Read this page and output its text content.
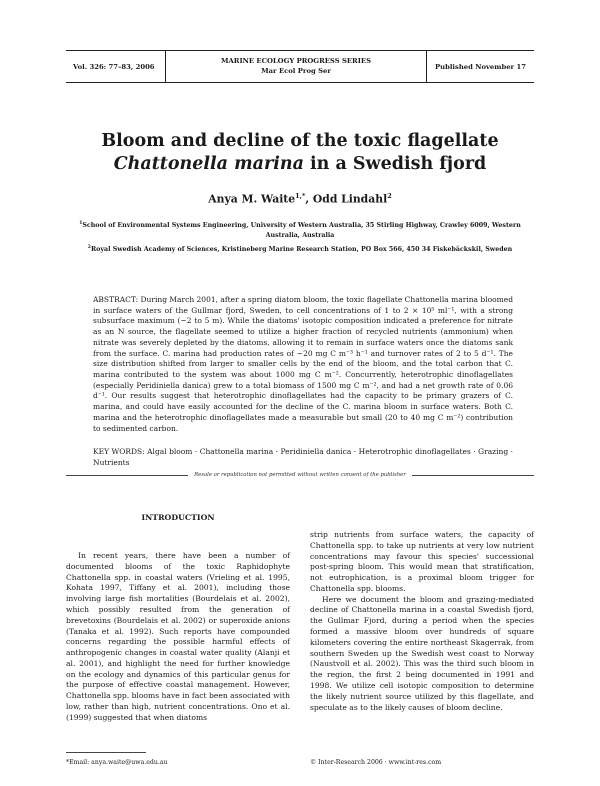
Vol. 326: 77–83, 2006
MARINE ECOLOGY PROGRESS SERIES
Mar Ecol Prog Ser	Published November 17
Bloom and decline of the toxic flagellate
Chattonella marina in a Swedish fjord
Anya M. Waite$^{1,*}$, Odd Lindahl$^2$

$^1$School of Environmental Systems Engineering, University of Western Australia, 35 Stirling Highway, Crawley 6009, Western Australia, Australia

$^2$Royal Swedish Academy of Sciences, Kristineberg Marine Research Station, PO Box 566, 450 34 Fiskebäckskil, Sweden

ABSTRACT: During March 2001, after a spring diatom bloom, the toxic flagellate Chattonella marina bloomed in surface waters of the Gullmar fjord, Sweden, to cell concentrations of 1 to 2 × 10⁵ ml⁻¹, with a strong subsurface maximum (~2 to 5 m). While the diatoms' isotopic composition indicated a preference for nitrate as an N source, the flagellate seemed to utilize a higher fraction of recycled nutrients (ammonium) when nitrate was severely depleted by the diatoms, allowing it to remain in surface waters once the diatoms sank from the surface. C. marina had production rates of ~20 mg C m⁻³ h⁻¹ and turnover rates of 2 to 5 d⁻¹. The size distribution shifted from larger to smaller cells by the end of the bloom, and the total carbon that C. marina contributed to the system was about 1000 mg C m⁻². Concurrently, heterotrophic dinoflagellates (especially Peridiniella danica) grew to a total biomass of 1500 mg C m⁻², and had a net growth rate of 0.06 d⁻¹. Our results suggest that heterotrophic dinoflagellates had the capacity to be primary grazers of C. marina, and could have easily accounted for the decline of the C. marina bloom in surface waters. Both C. marina and the heterotrophic dinoflagellates made a measurable but small (20 to 40 mg C m⁻²) contribution to sedimented carbon.
KEY WORDS: Algal bloom · Chattonella marina · Peridiniella danica · Heterotrophic dinoflagellates · Grazing · Nutrients
Resale or republication not permitted without written consent of the publisher
INTRODUCTION

In recent years, there have been a number of documented blooms of the toxic Raphidophyte Chattonella spp. in coastal waters (Vrieling et al. 1995, Kohata 1997, Tiffany et al. 2001), including those involving large fish mortalities (Bourdelais et al. 2002), which possibly resulted from the generation of brevetoxins (Bourdelais et al. 2002) or superoxide anions (Tanaka et al. 1992). Such reports have compounded concerns regarding the possible harmful effects of anthropogenic changes in coastal water quality (Alanji et al. 2001), and highlight the need for further knowledge on the ecology and dynamics of this particular genus for the purpose of effective coastal management. However, Chattonella spp. blooms have in fact been associated with low, rather than high, nutrient concentrations. Ono et al. (1999) suggested that when diatoms

strip nutrients from surface waters, the capacity of Chattonella spp. to take up nutrients at very low nutrient concentrations may favour this species' successional post-spring bloom. This would mean that stratification, not eutrophication, is a proximal bloom trigger for Chattonella spp. blooms.

Here we document the bloom and grazing-mediated decline of Chattonella marina in a coastal Swedish fjord, the Gullmar Fjord, during a period when the species formed a massive bloom over hundreds of square kilometers covering the entire northeast Skagerrak, from southern Sweden up the Swedish west coast to Norway (Naustvoll et al. 2002). This was the third such bloom in the region, the first 2 being documented in 1991 and 1998. We utilize cell isotopic composition to determine the likely nutrient source utilized by this flagellate, and speculate as to the likely causes of bloom decline.

*Email: anya.waite@uwa.edu.au	© Inter-Research 2006 · www.int-res.com
